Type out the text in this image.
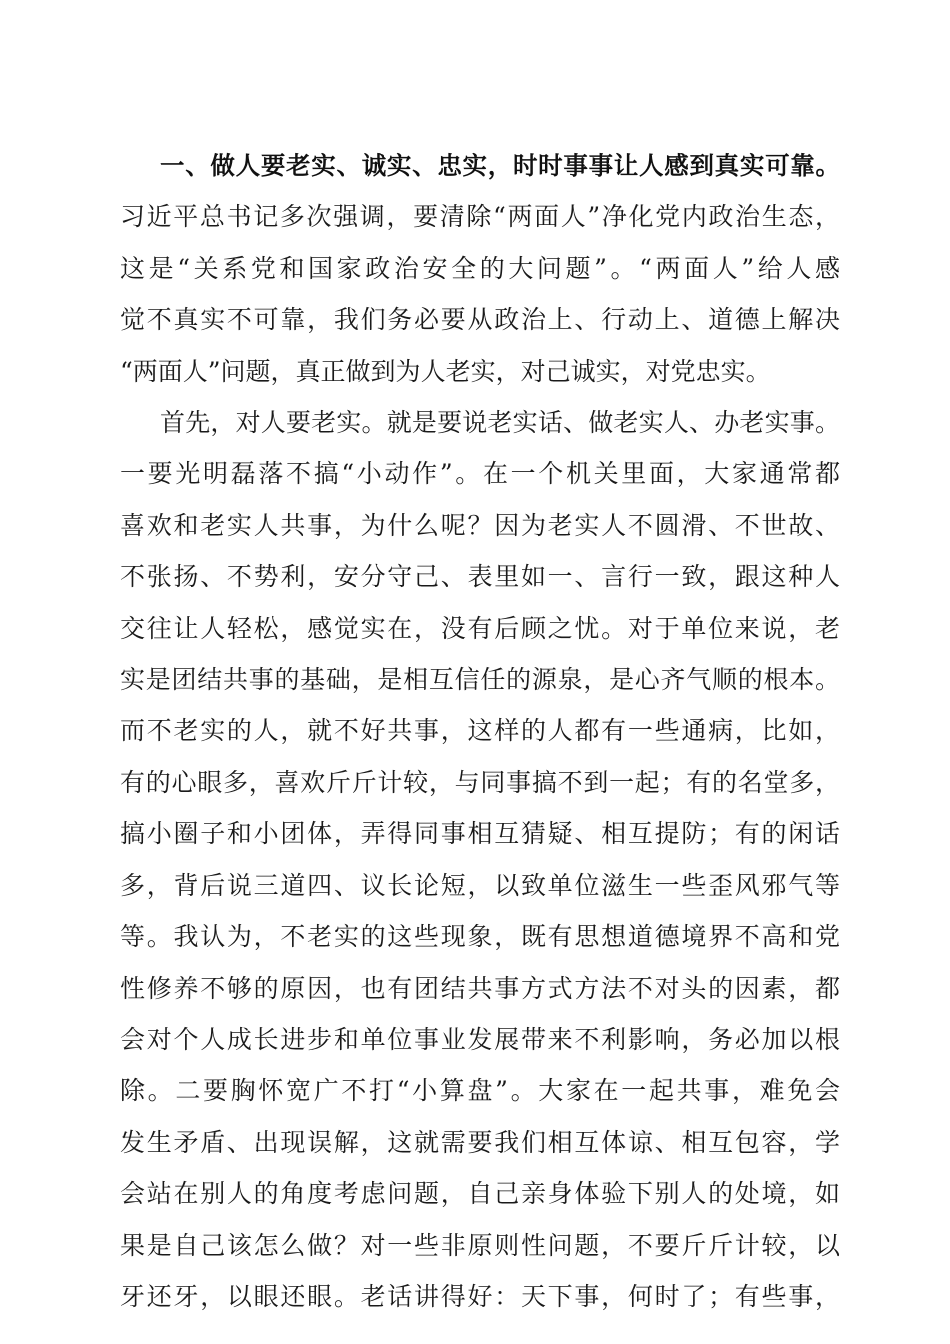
一、做人要老实、诚实、忠实，时时事事让人感到真实可靠。
习近平总书记多次强调，要清除“两面人”净化党内政治生态，
这是“关系党和国家政治安全的大问题”。“两面人”给人感
觉不真实不可靠，我们务必要从政治上、行动上、道德上解决
“两面人”问题，真正做到为人老实，对己诚实，对党忠实。

首先，对人要老实。就是要说老实话、做老实人、办老实事。
一要光明磊落不搞“小动作”。在一个机关里面，大家通常都
喜欢和老实人共事，为什么呢？因为老实人不圆滑、不世故、
不张扬、不势利，安分守己、表里如一、言行一致，跟这种人
交往让人轻松，感觉实在，没有后顾之忧。对于单位来说，老
实是团结共事的基础，是相互信任的源泉，是心齐气顺的根本。
而不老实的人，就不好共事，这样的人都有一些通病，比如，
有的心眼多，喜欢斤斤计较，与同事搞不到一起；有的名堂多，
搞小圈子和小团体，弄得同事相互猜疑、相互提防；有的闲话
多，背后说三道四、议长论短，以致单位滋生一些歪风邪气等
等。我认为，不老实的这些现象，既有思想道德境界不高和党
性修养不够的原因，也有团结共事方式方法不对头的因素，都
会对个人成长进步和单位事业发展带来不利影响，务必加以根
除。二要胸怀宽广不打“小算盘”。大家在一起共事，难免会
发生矛盾、出现误解，这就需要我们相互体谅、相互包容，学
会站在别人的角度考虑问题，自己亲身体验下别人的处境，如
果是自己该怎么做？对一些非原则性问题，不要斤斤计较，以
牙还牙，以眼还眼。老话讲得好：天下事，何时了；有些事，
